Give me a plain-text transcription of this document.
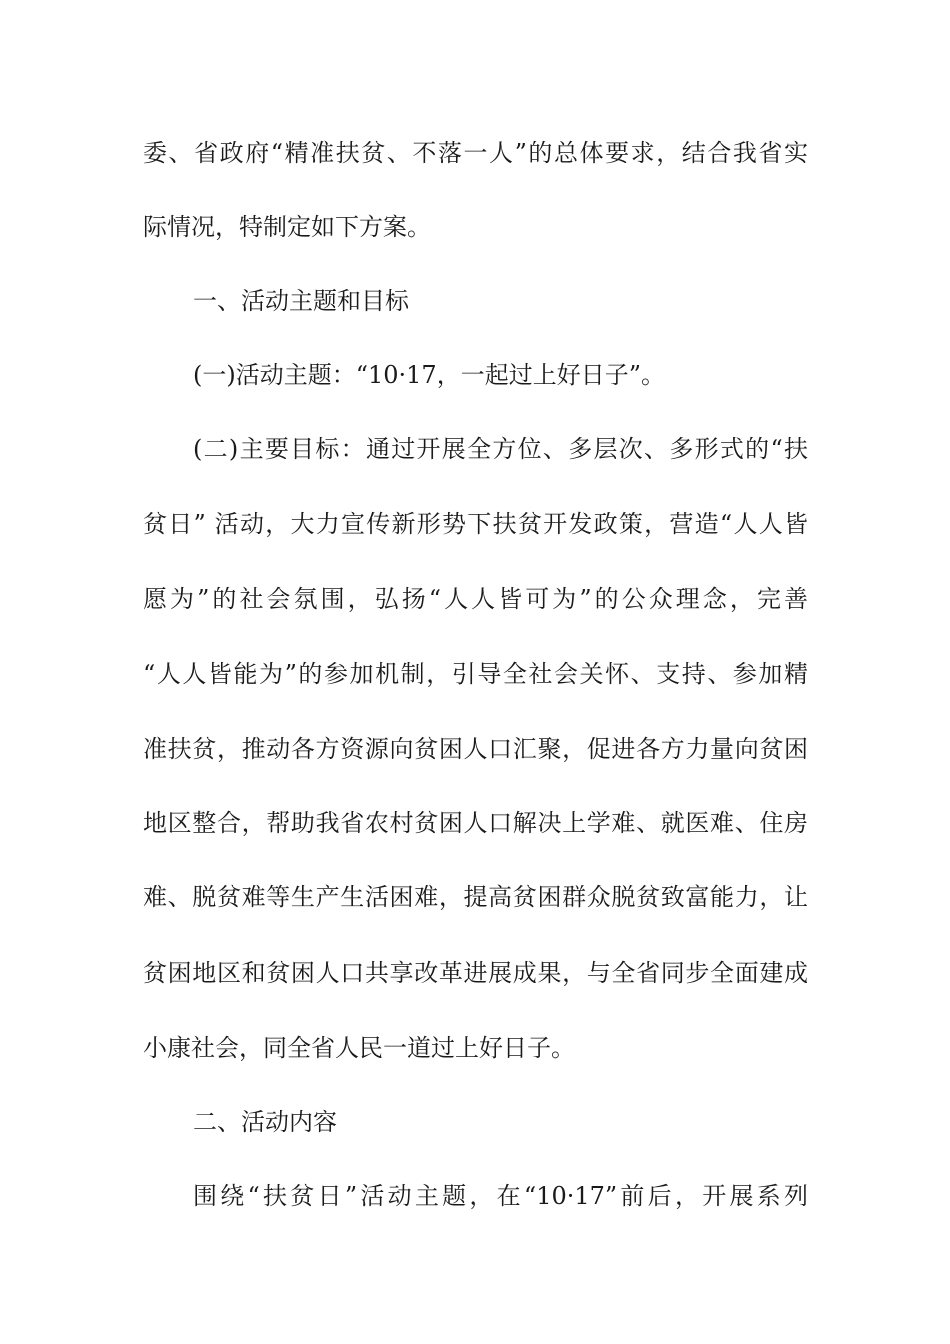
委、省政府“精准扶贫、不落一人”的总体要求，结合我省实
际情况，特制定如下方案。
一、活动主题和目标
(一)活动主题：“10·17，一起过上好日子”。
(二)主要目标：通过开展全方位、多层次、多形式的“扶
贫日” 活动，大力宣传新形势下扶贫开发政策，营造“人人皆
愿为”的社会氛围，弘扬“人人皆可为”的公众理念，完善
“人人皆能为”的参加机制，引导全社会关怀、支持、参加精
准扶贫，推动各方资源向贫困人口汇聚，促进各方力量向贫困
地区整合，帮助我省农村贫困人口解决上学难、就医难、住房
难、脱贫难等生产生活困难，提高贫困群众脱贫致富能力，让
贫困地区和贫困人口共享改革进展成果，与全省同步全面建成
小康社会，同全省人民一道过上好日子。
二、活动内容
围绕“扶贫日”活动主题，在“10·17”前后，开展系列
